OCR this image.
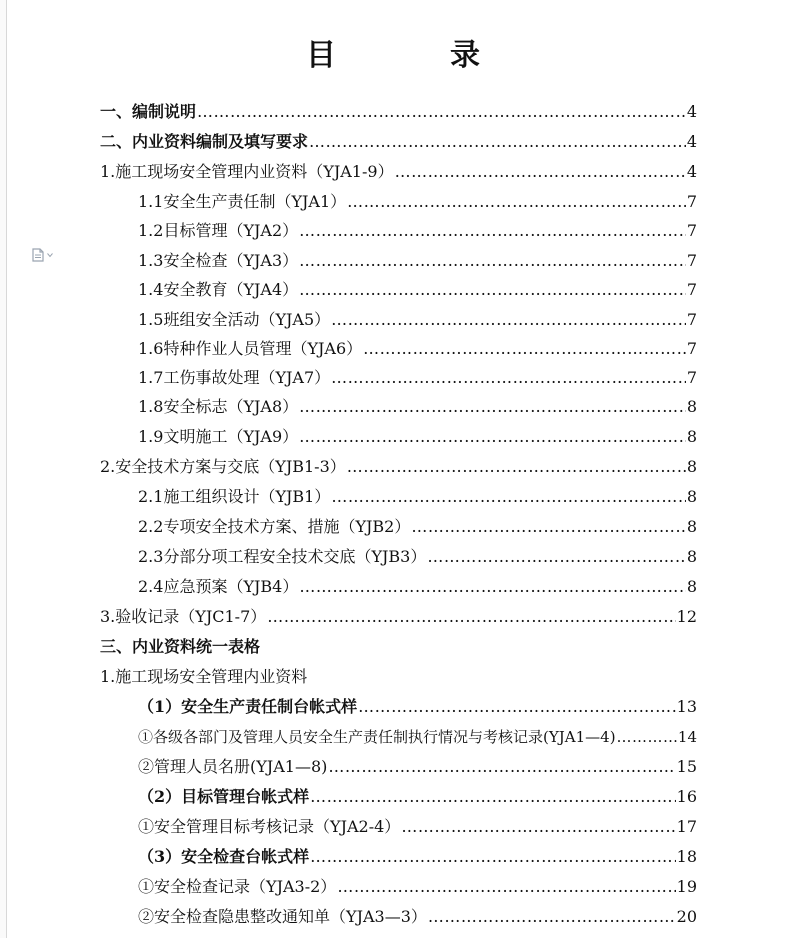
目　录
一、编制说明 …………………………………………………………………………………………………………………………………………………………………………………………	4
二、内业资料编制及填写要求 …………………………………………………………………………………………………………………………………………………………………………………………	4
1.施工现场安全管理内业资料（YJA1-9） …………………………………………………………………………………………………………………………………………………………………………………………	4
1.1安全生产责任制（YJA1） …………………………………………………………………………………………………………………………………………………………………………………………	7
1.2目标管理（YJA2） …………………………………………………………………………………………………………………………………………………………………………………………	7
1.3安全检查（YJA3） …………………………………………………………………………………………………………………………………………………………………………………………	7
1.4安全教育（YJA4） …………………………………………………………………………………………………………………………………………………………………………………………	7
1.5班组安全活动（YJA5） …………………………………………………………………………………………………………………………………………………………………………………………	7
1.6特种作业人员管理（YJA6） …………………………………………………………………………………………………………………………………………………………………………………………	7
1.7工伤事故处理（YJA7） …………………………………………………………………………………………………………………………………………………………………………………………	7
1.8安全标志（YJA8） …………………………………………………………………………………………………………………………………………………………………………………………	8
1.9文明施工（YJA9） …………………………………………………………………………………………………………………………………………………………………………………………	8
2.安全技术方案与交底（YJB1-3） …………………………………………………………………………………………………………………………………………………………………………………………	8
2.1施工组织设计（YJB1） …………………………………………………………………………………………………………………………………………………………………………………………	8
2.2专项安全技术方案、措施（YJB2） …………………………………………………………………………………………………………………………………………………………………………………………	8
2.3分部分项工程安全技术交底（YJB3） …………………………………………………………………………………………………………………………………………………………………………………………	8
2.4应急预案（YJB4） …………………………………………………………………………………………………………………………………………………………………………………………	8
3.验收记录（YJC1-7） …………………………………………………………………………………………………………………………………………………………………………………………	12
三、内业资料统一表格
1.施工现场安全管理内业资料
（1）安全生产责任制台帐式样 …………………………………………………………………………………………………………………………………………………………………………………………	13
①各级各部门及管理人员安全生产责任制执行情况与考核记录(YJA1—4) …………………………………………………………………………………………………………………………………………………………………………………………	14
②管理人员名册(YJA1—8) …………………………………………………………………………………………………………………………………………………………………………………………	15
（2）目标管理台帐式样 …………………………………………………………………………………………………………………………………………………………………………………………	16
①安全管理目标考核记录（YJA2-4） …………………………………………………………………………………………………………………………………………………………………………………………	17
（3）安全检查台帐式样 …………………………………………………………………………………………………………………………………………………………………………………………	18
①安全检查记录（YJA3-2） …………………………………………………………………………………………………………………………………………………………………………………………	19
②安全检查隐患整改通知单（YJA3—3） …………………………………………………………………………………………………………………………………………………………………………………………	20
